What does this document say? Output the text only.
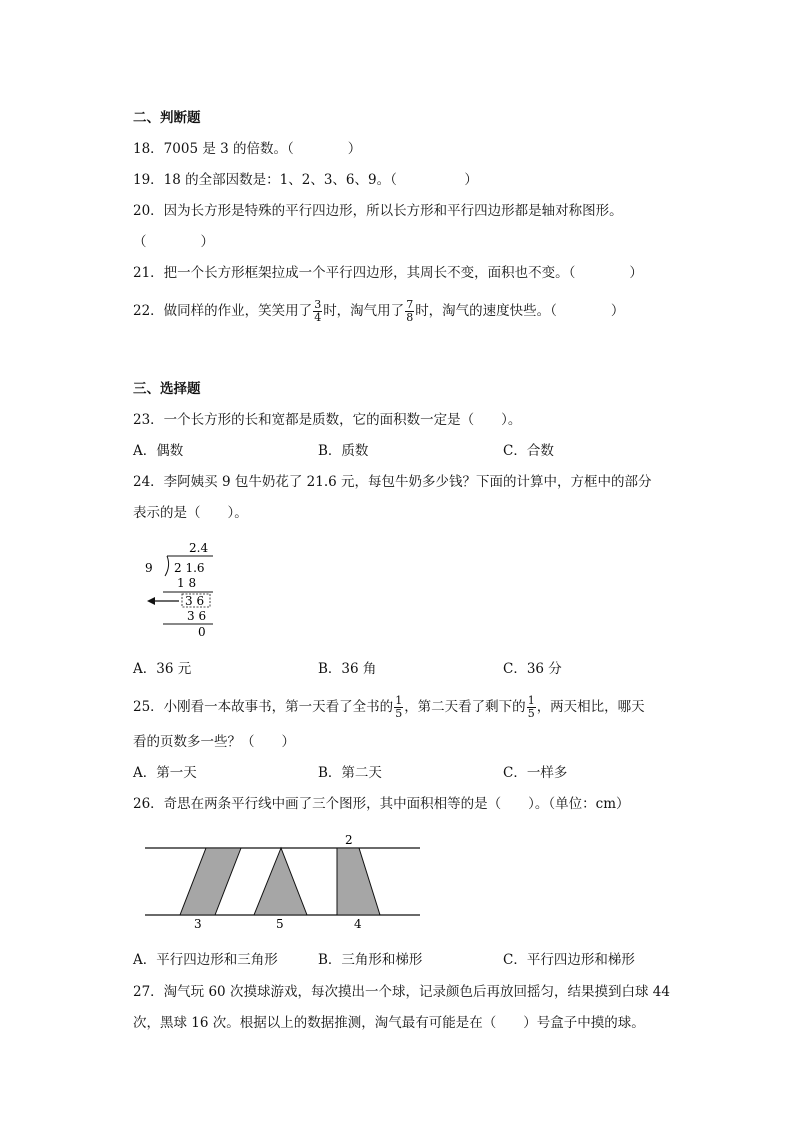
二、判断题
18．7005 是 3 的倍数。（　　　　）
19．18 的全部因数是：1、2、3、6、9。（　　　　　）
20．因为长方形是特殊的平行四边形，所以长方形和平行四边形都是轴对称图形。
（　　　　）
21．把一个长方形框架拉成一个平行四边形，其周长不变，面积也不变。（　　　　）
22．做同样的作业，笑笑用了 $\frac{3}{4}$ 时，淘气用了 $\frac{7}{8}$ 时，淘气的速度快些。（　　　　）
三、选择题
23．一个长方形的长和宽都是质数，它的面积数一定是（　　）。
A．偶数	B．质数	C．合数
24．李阿姨买 9 包牛奶花了 21.6 元，每包牛奶多少钱？下面的计算中，方框中的部分
表示的是（　　）。
2.4
9 2 1.6
1 8
3 6
3 6
0
A．36 元	B．36 角	C．36 分
25．小刚看一本故事书，第一天看了全书的 $\frac{1}{5}$ ，第二天看了剩下的 $\frac{1}{5}$ ，两天相比，哪天
看的页数多一些？（　　）
A．第一天	B．第二天	C．一样多
26．奇思在两条平行线中画了三个图形，其中面积相等的是（　　）。（单位：cm）
3	5
2
4
A．平行四边形和三角形	B．三角形和梯形	C．平行四边形和梯形
27．淘气玩 60 次摸球游戏，每次摸出一个球，记录颜色后再放回摇匀，结果摸到白球 44
次，黑球 16 次。根据以上的数据推测，淘气最有可能是在（　　）号盒子中摸的球。
